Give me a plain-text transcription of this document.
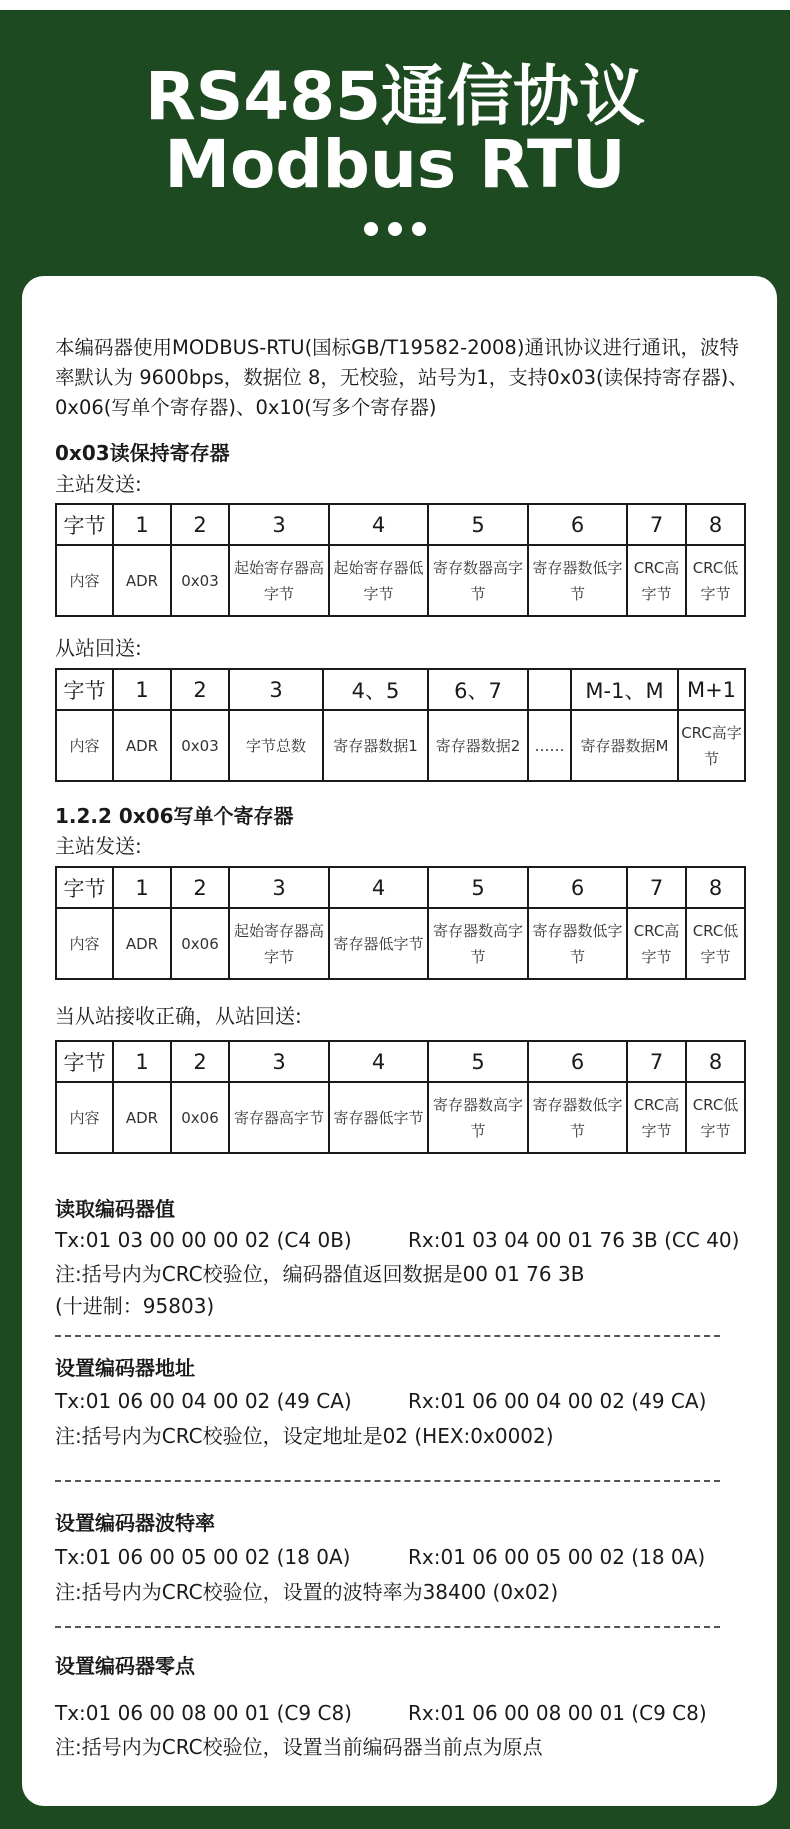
RS485通信协议
Modbus RTU
本编码器使用MODBUS-RTU(国标GB/T19582-2008)通讯协议进行通讯，波特率默认为 9600bps，数据位 8，无校验，站号为1，支持0x03(读保持寄存器)、0x06(写单个寄存器)、0x10(写多个寄存器)
0x03读保持寄存器
主站发送:
字节	1	2	3	4	5	6	7	8
内容	ADR	0x03	起始寄存器高字节	起始寄存器低字节	寄存数器高字节	寄存器数低字节	CRC高字节	CRC低字节
从站回送:
字节	1	2	3	4、5	6、7		M-1、M	M+1
内容	ADR	0x03	字节总数	寄存器数据1	寄存器数据2	……	寄存器数据M	CRC高字节
1.2.2 0x06写单个寄存器
主站发送:
字节	1	2	3	4	5	6	7	8
内容	ADR	0x06	起始寄存器高字节	寄存器低字节	寄存器数高字节	寄存器数低字节	CRC高字节	CRC低字节
当从站接收正确，从站回送:
字节	1	2	3	4	5	6	7	8
内容	ADR	0x06	寄存器高字节	寄存器低字节	寄存器数高字节	寄存器数低字节	CRC高字节	CRC低字节
读取编码器值
Tx:01 03 00 00 00 02 (C4 0B)	Rx:01 03 04 00 01 76 3B (CC 40)
注:括号内为CRC校验位，编码器值返回数据是00 01 76 3B
(十进制：95803)
设置编码器地址
Tx:01 06 00 04 00 02 (49 CA)	Rx:01 06 00 04 00 02 (49 CA)
注:括号内为CRC校验位，设定地址是02 (HEX:0x0002)
设置编码器波特率
Tx:01 06 00 05 00 02 (18 0A)	Rx:01 06 00 05 00 02 (18 0A)
注:括号内为CRC校验位，设置的波特率为38400 (0x02)
设置编码器零点
Tx:01 06 00 08 00 01 (C9 C8)	Rx:01 06 00 08 00 01 (C9 C8)
注:括号内为CRC校验位，设置当前编码器当前点为原点
